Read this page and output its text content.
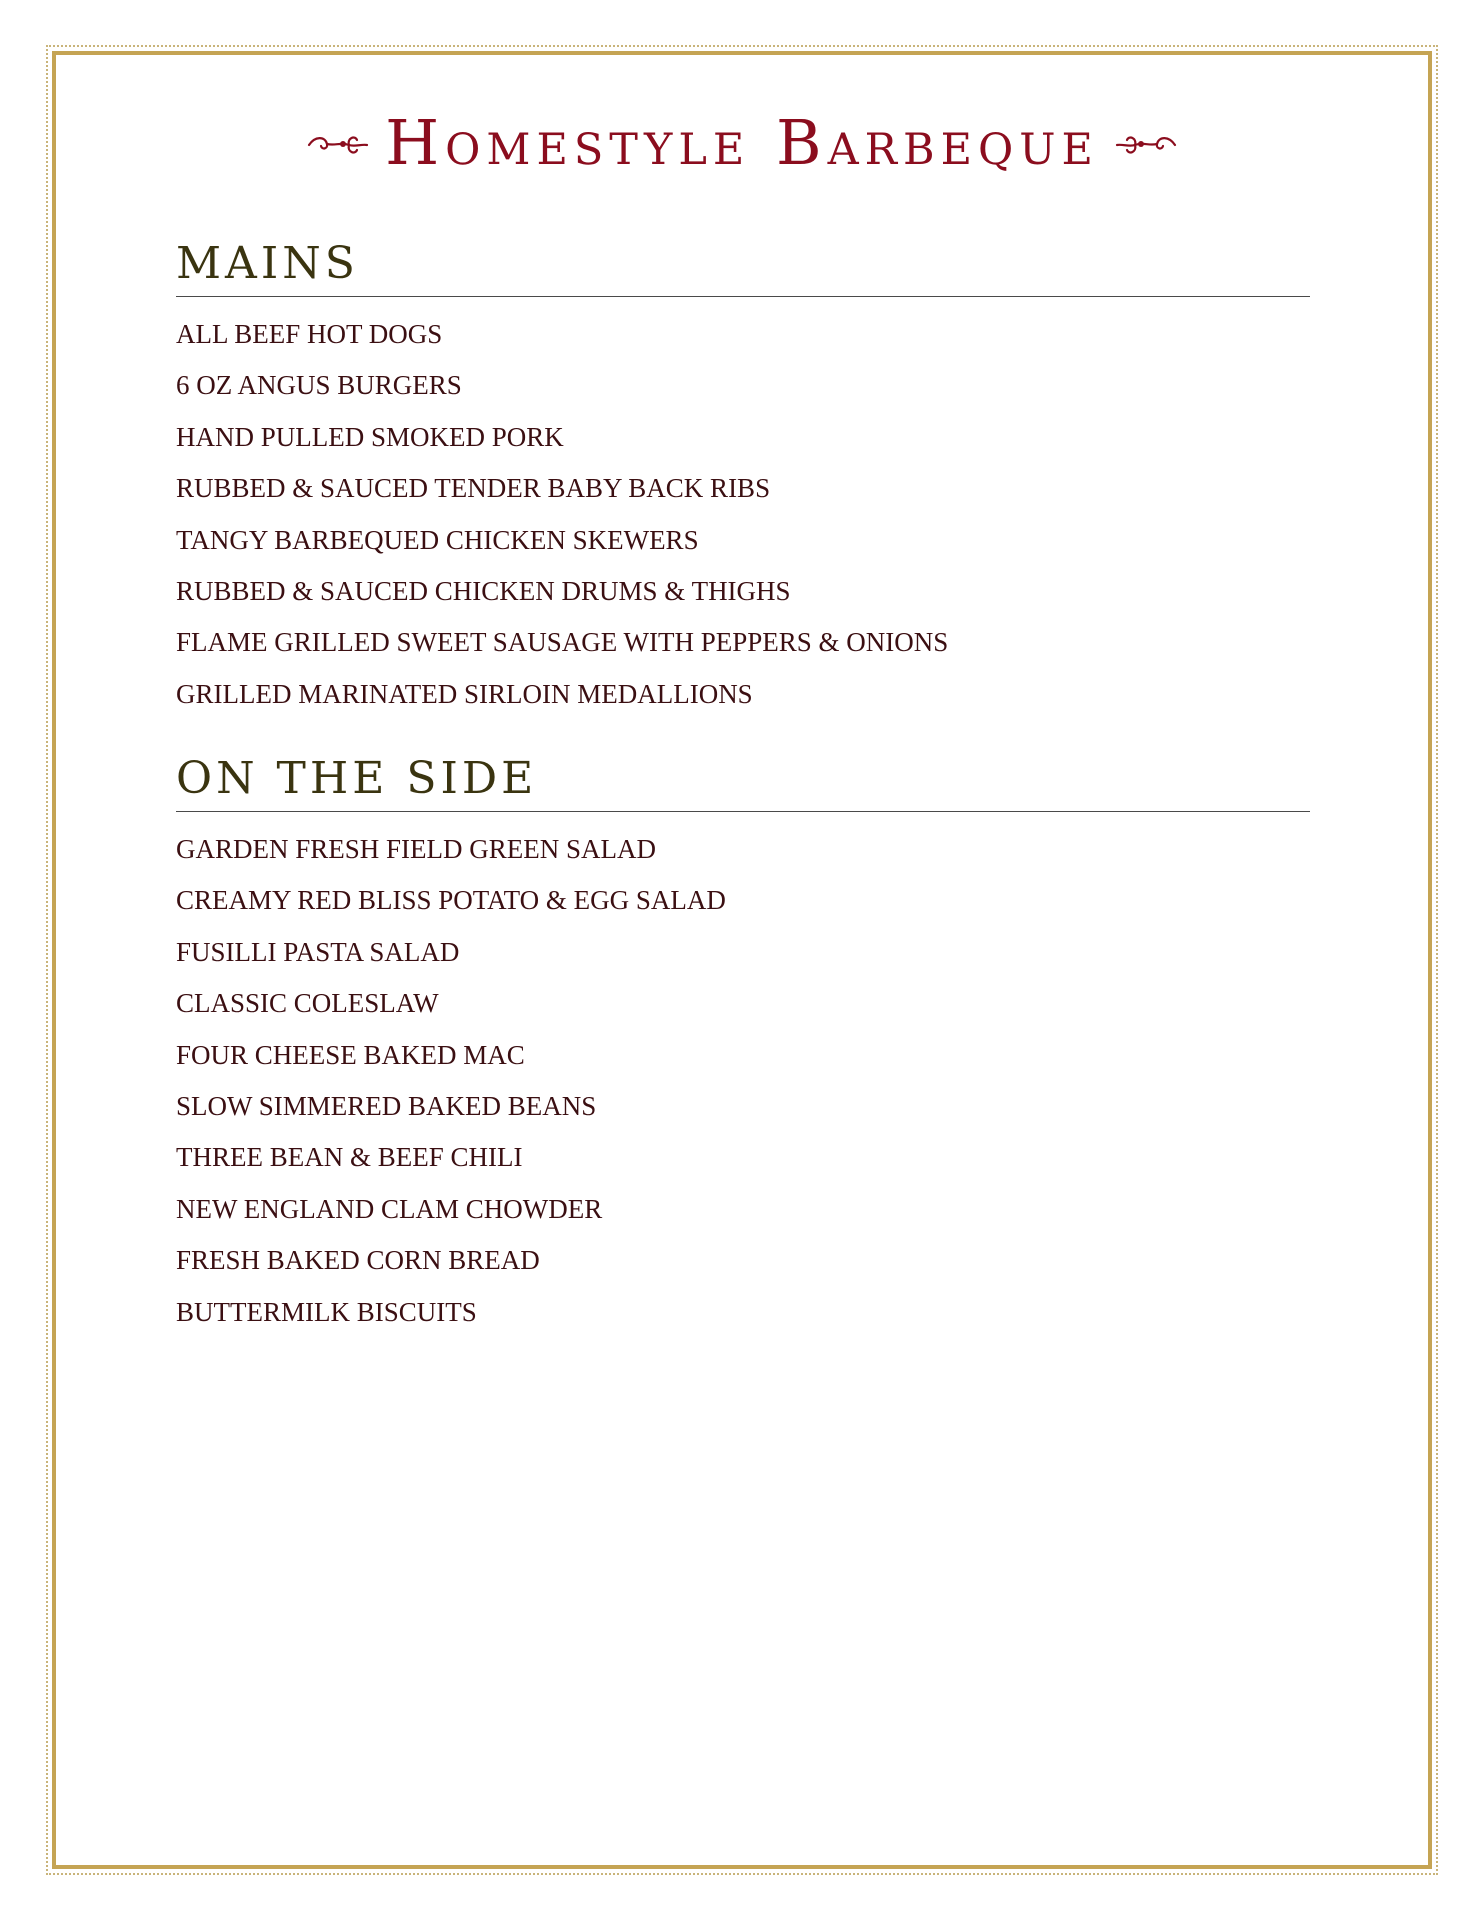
Homestyle Barbeque
MAINS
ALL BEEF HOT DOGS
6 OZ ANGUS BURGERS
HAND PULLED SMOKED PORK
RUBBED & SAUCED TENDER BABY BACK RIBS
TANGY BARBEQUED CHICKEN SKEWERS
RUBBED & SAUCED CHICKEN DRUMS & THIGHS
FLAME GRILLED SWEET SAUSAGE WITH PEPPERS & ONIONS
GRILLED MARINATED SIRLOIN MEDALLIONS
ON THE SIDE
GARDEN FRESH FIELD GREEN SALAD
CREAMY RED BLISS POTATO & EGG SALAD
FUSILLI PASTA SALAD
CLASSIC COLESLAW
FOUR CHEESE BAKED MAC
SLOW SIMMERED BAKED BEANS
THREE BEAN & BEEF CHILI
NEW ENGLAND CLAM CHOWDER
FRESH BAKED CORN BREAD
BUTTERMILK BISCUITS
